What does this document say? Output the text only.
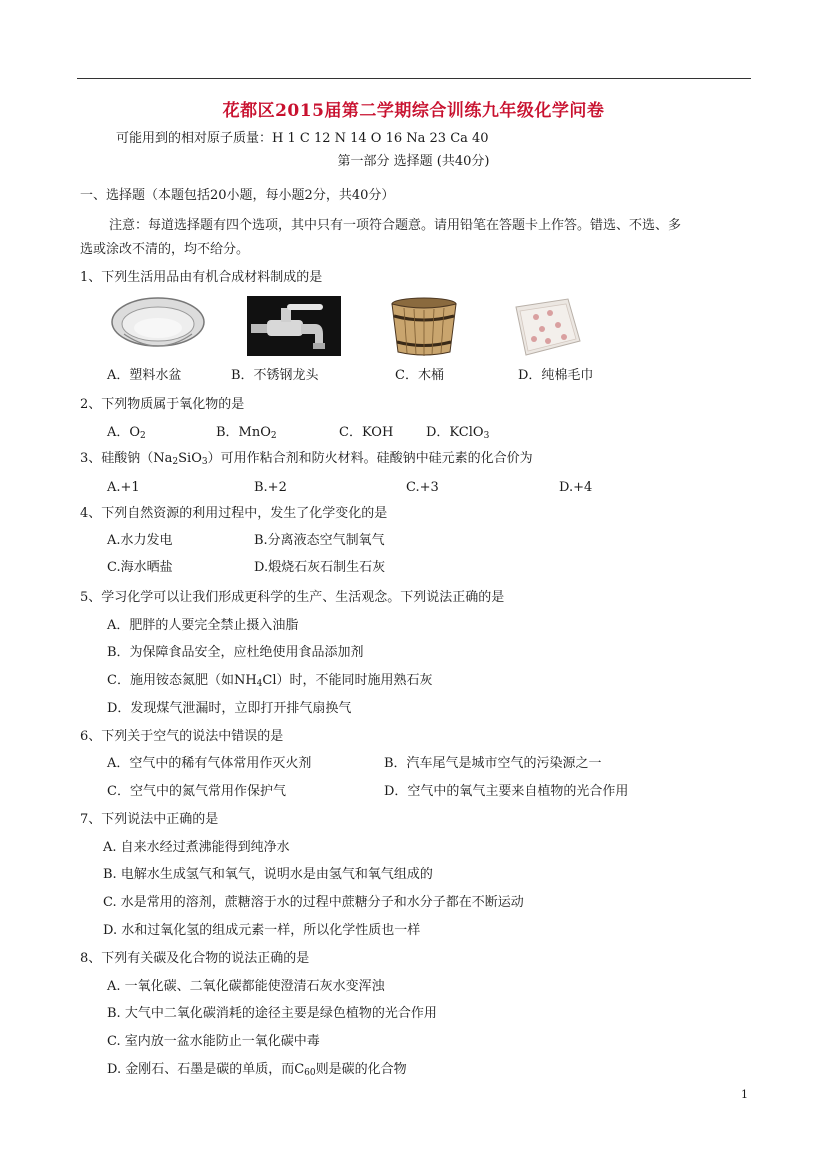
花都区2015届第二学期综合训练九年级化学问卷
可能用到的相对原子质量：H 1 C 12 N 14 O 16 Na 23 Ca 40
第一部分 选择题 (共40分)
一、选择题（本题包括20小题，每小题2分，共40分）
注意：每道选择题有四个选项，其中只有一项符合题意。请用铅笔在答题卡上作答。错选、不选、多
选或涂改不清的，均不给分。
1、下列生活用品由有机合成材料制成的是
A．塑料水盆	B．不锈钢龙头	C．木桶	D．纯棉毛巾
2、下列物质属于氧化物的是
A．$O_2$	B．MnO$_2$	C．KOH	D．KClO$_3$
3、硅酸钠$(Na_2SiO_3)$可用作粘合剂和防火材料。硅酸钠中硅元素的化合价为
A.+1	B.+2	C.+3	D.+4
4、下列自然资源的利用过程中，发生了化学变化的是
A.水力发电	B.分离液态空气制氧气
C.海水晒盐	D.煅烧石灰石制生石灰
5、学习化学可以让我们形成更科学的生产、生活观念。下列说法正确的是
A．肥胖的人要完全禁止摄入油脂
B．为保障食品安全，应杜绝使用食品添加剂
C．施用铵态氮肥（如$NH_4Cl$）时，不能同时施用熟石灰
D．发现煤气泄漏时，立即打开排气扇换气
6、下列关于空气的说法中错误的是
A．空气中的稀有气体常用作灭火剂	B．汽车尾气是城市空气的污染源之一
C．空气中的氮气常用作保护气	D．空气中的氧气主要来自植物的光合作用
7、下列说法中正确的是
A. 自来水经过煮沸能得到纯净水
B. 电解水生成氢气和氧气，说明水是由氢气和氧气组成的
C. 水是常用的溶剂，蔗糖溶于水的过程中蔗糖分子和水分子都在不断运动
D. 水和过氧化氢的组成元素一样，所以化学性质也一样
8、下列有关碳及化合物的说法正确的是
A. 一氧化碳、二氧化碳都能使澄清石灰水变浑浊
B. 大气中二氧化碳消耗的途径主要是绿色植物的光合作用
C. 室内放一盆水能防止一氧化碳中毒
D. 金刚石、石墨是碳的单质，而$C_{60}$则是碳的化合物
1
